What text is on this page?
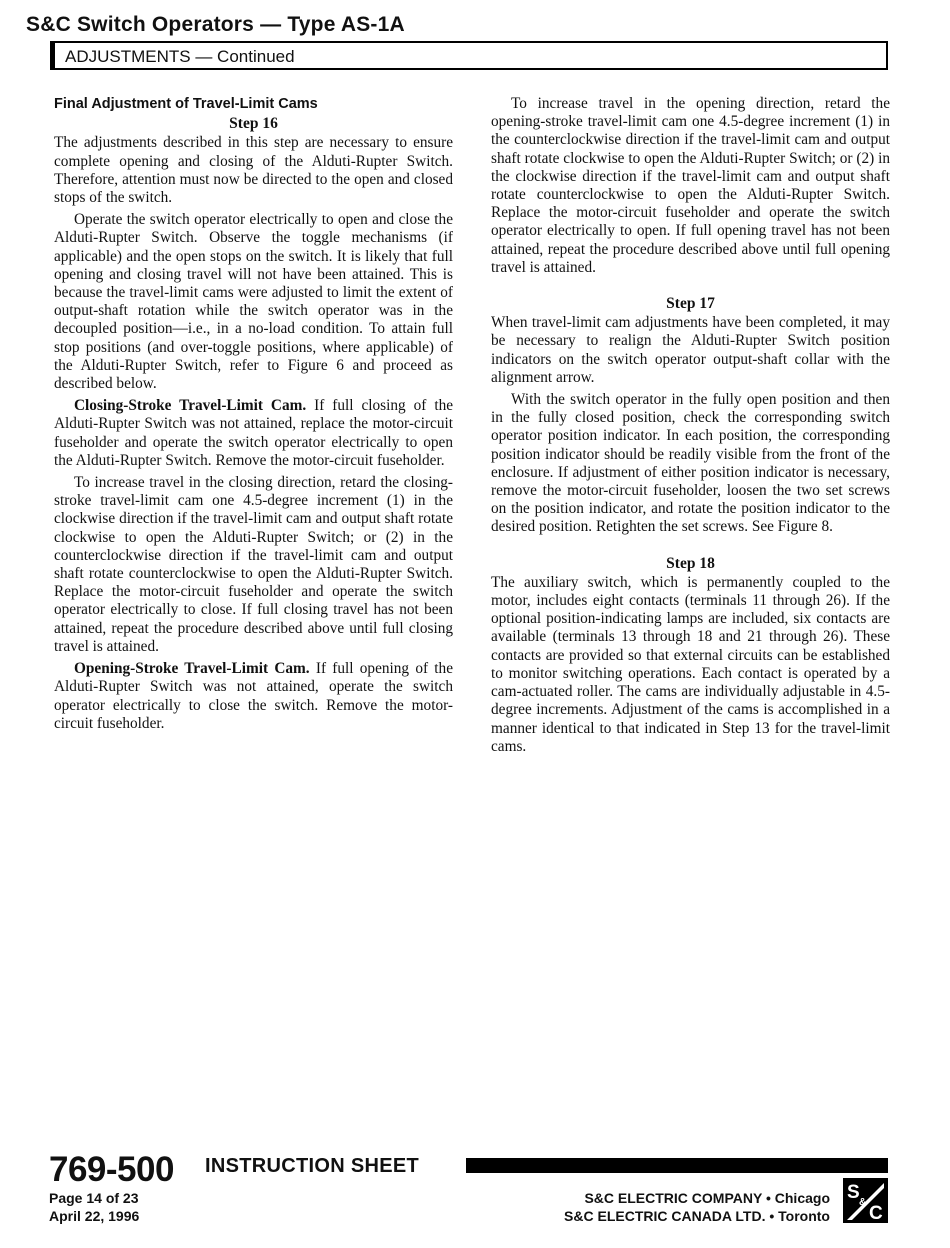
S&C Switch Operators — Type AS-1A
ADJUSTMENTS — Continued
Final Adjustment of Travel-Limit Cams
Step 16

The adjustments described in this step are necessary to ensure complete opening and closing of the Alduti-Rupter Switch. Therefore, attention must now be directed to the open and closed stops of the switch.

Operate the switch operator electrically to open and close the Alduti-Rupter Switch. Observe the toggle mechanisms (if applicable) and the open stops on the switch. It is likely that full opening and closing travel will not have been attained. This is because the travel-limit cams were adjusted to limit the extent of output-shaft rotation while the switch operator was in the decoupled position—i.e., in a no-load condition. To attain full stop positions (and over-toggle positions, where applicable) of the Alduti-Rupter Switch, refer to Figure 6 and proceed as described below.

Closing-Stroke Travel-Limit Cam. If full closing of the Alduti-Rupter Switch was not attained, replace the motor-circuit fuseholder and operate the switch operator electrically to open the Alduti-Rupter Switch. Remove the motor-circuit fuseholder.

To increase travel in the closing direction, retard the closing-stroke travel-limit cam one 4.5-degree increment (1) in the clockwise direction if the travel-limit cam and output shaft rotate clockwise to open the Alduti-Rupter Switch; or (2) in the counterclockwise direction if the travel-limit cam and output shaft rotate counterclockwise to open the Alduti-Rupter Switch. Replace the motor-circuit fuseholder and operate the switch operator electrically to close. If full closing travel has not been attained, repeat the procedure described above until full closing travel is attained.

Opening-Stroke Travel-Limit Cam. If full opening of the Alduti-Rupter Switch was not attained, operate the switch operator electrically to close the switch. Remove the motor-circuit fuseholder.

To increase travel in the opening direction, retard the opening-stroke travel-limit cam one 4.5-degree increment (1) in the counterclockwise direction if the travel-limit cam and output shaft rotate clockwise to open the Alduti-Rupter Switch; or (2) in the clockwise direction if the travel-limit cam and output shaft rotate counterclockwise to open the Alduti-Rupter Switch. Replace the motor-circuit fuseholder and operate the switch operator electrically to open. If full opening travel has not been attained, repeat the procedure described above until full opening travel is attained.

Step 17

When travel-limit cam adjustments have been completed, it may be necessary to realign the Alduti-Rupter Switch position indicators on the switch operator output-shaft collar with the alignment arrow.

With the switch operator in the fully open position and then in the fully closed position, check the corresponding switch operator position indicator. In each position, the corresponding position indicator should be readily visible from the front of the enclosure. If adjustment of either position indicator is necessary, remove the motor-circuit fuseholder, loosen the two set screws on the position indicator, and rotate the position indicator to the desired position. Retighten the set screws. See Figure 8.

Step 18

The auxiliary switch, which is permanently coupled to the motor, includes eight contacts (terminals 11 through 26). If the optional position-indicating lamps are included, six contacts are available (terminals 13 through 18 and 21 through 26). These contacts are provided so that external circuits can be established to monitor switching operations. Each contact is operated by a cam-actuated roller. The cams are individually adjustable in 4.5-degree increments. Adjustment of the cams is accomplished in a manner identical to that indicated in Step 13 for the travel-limit cams.

769-500 INSTRUCTION SHEET
Page 14 of 23
April 22, 1996
S&C ELECTRIC COMPANY • Chicago
S&C ELECTRIC CANADA LTD. • Toronto
S
C
&
